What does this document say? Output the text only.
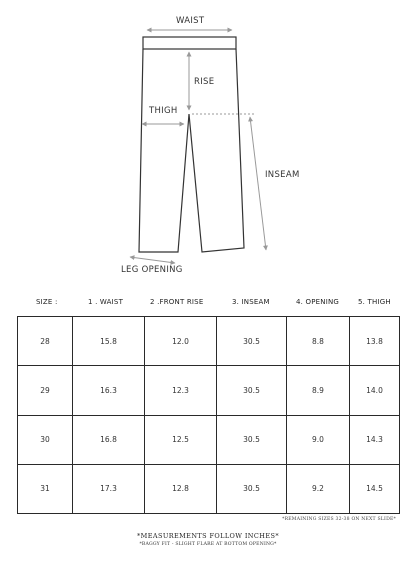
WAIST
RISE
THIGH
INSEAM
LEG OPENING
SIZE :	1 . WAIST	2 .FRONT RISE	3. INSEAM	4. OPENING	5. THIGH
28	15.8	12.0	30.5	8.8	13.8
29	16.3	12.3	30.5	8.9	14.0
30	16.8	12.5	30.5	9.0	14.3
31	17.3	12.8	30.5	9.2	14.5
*REMAINING SIZES 32-38 ON NEXT SLIDE*
*MEASUREMENTS FOLLOW INCHES*
*BAGGY FIT - SLIGHT FLARE AT BOTTOM OPENING*
